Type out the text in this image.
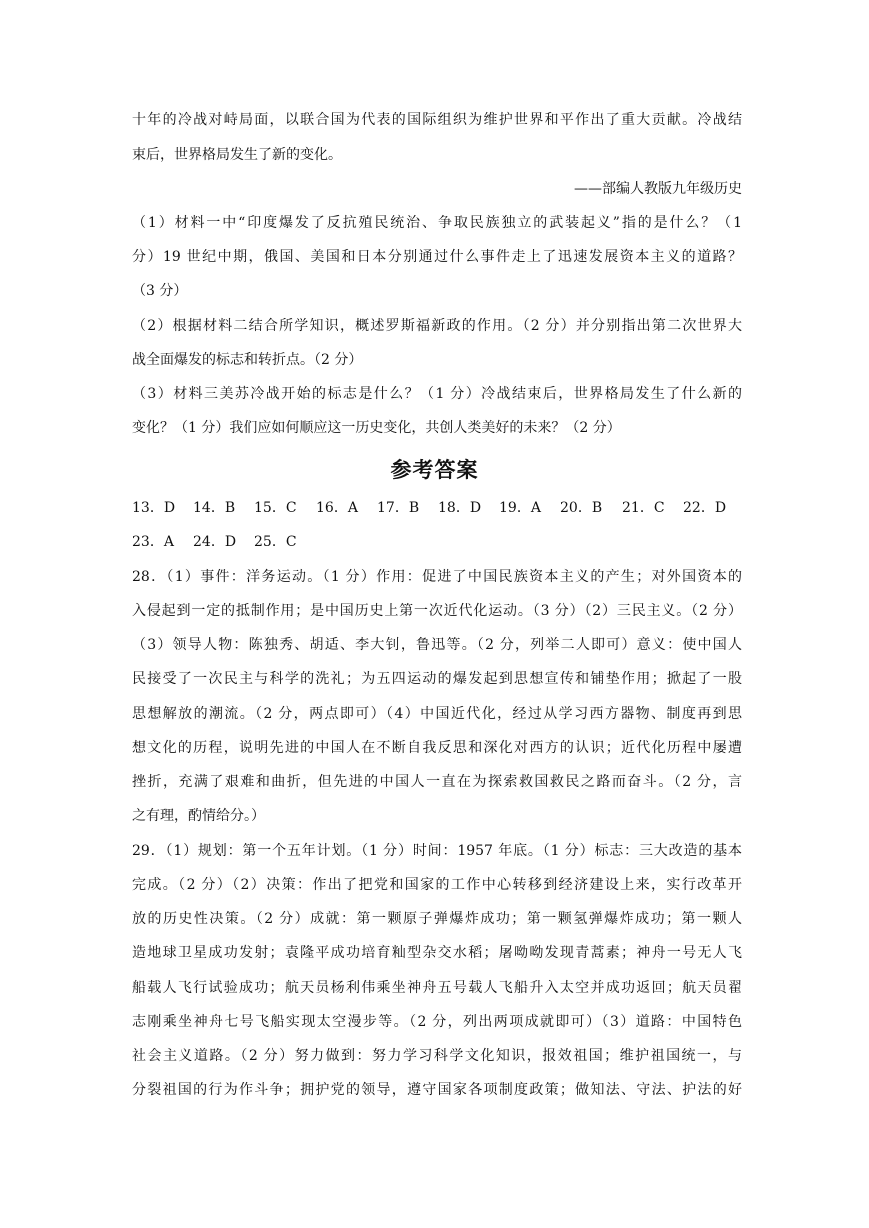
十年的冷战对峙局面，以联合国为代表的国际组织为维护世界和平作出了重大贡献。冷战结
束后，世界格局发生了新的变化。
——部编人教版九年级历史
（1）材料一中“印度爆发了反抗殖民统治、争取民族独立的武装起义”指的是什么？（1
分）19 世纪中期，俄国、美国和日本分别通过什么事件走上了迅速发展资本主义的道路？
（3 分）
（2）根据材料二结合所学知识，概述罗斯福新政的作用。（2 分）并分别指出第二次世界大
战全面爆发的标志和转折点。（2 分）
（3）材料三美苏冷战开始的标志是什么？（1 分）冷战结束后，世界格局发生了什么新的
变化？（1 分）我们应如何顺应这一历史变化，共创人类美好的未来？（2 分）
参考答案
13．D 14．B 15．C 16．A 17．B 18．D 19．A 20．B 21．C 22．D
23．A 24．D 25．C
28．（1）事件：洋务运动。（1 分）作用：促进了中国民族资本主义的产生；对外国资本的
入侵起到一定的抵制作用；是中国历史上第一次近代化运动。（3 分）（2）三民主义。（2 分）
（3）领导人物：陈独秀、胡适、李大钊，鲁迅等。（2 分，列举二人即可）意义：使中国人
民接受了一次民主与科学的洗礼；为五四运动的爆发起到思想宣传和铺垫作用；掀起了一股
思想解放的潮流。（2 分，两点即可）（4）中国近代化，经过从学习西方器物、制度再到思
想文化的历程，说明先进的中国人在不断自我反思和深化对西方的认识；近代化历程中屡遭
挫折，充满了艰难和曲折，但先进的中国人一直在为探索救国救民之路而奋斗。（2 分，言
之有理，酌情给分。）
29．（1）规划：第一个五年计划。（1 分）时间：1957 年底。（1 分）标志：三大改造的基本
完成。（2 分）（2）决策：作出了把党和国家的工作中心转移到经济建设上来，实行改革开
放的历史性决策。（2 分）成就：第一颗原子弹爆炸成功；第一颗氢弹爆炸成功；第一颗人
造地球卫星成功发射；袁隆平成功培育籼型杂交水稻；屠呦呦发现青蒿素；神舟一号无人飞
船载人飞行试验成功；航天员杨利伟乘坐神舟五号载人飞船升入太空并成功返回；航天员翟
志刚乘坐神舟七号飞船实现太空漫步等。（2 分，列出两项成就即可）（3）道路：中国特色
社会主义道路。（2 分）努力做到：努力学习科学文化知识，报效祖国；维护祖国统一，与
分裂祖国的行为作斗争；拥护党的领导，遵守国家各项制度政策；做知法、守法、护法的好
